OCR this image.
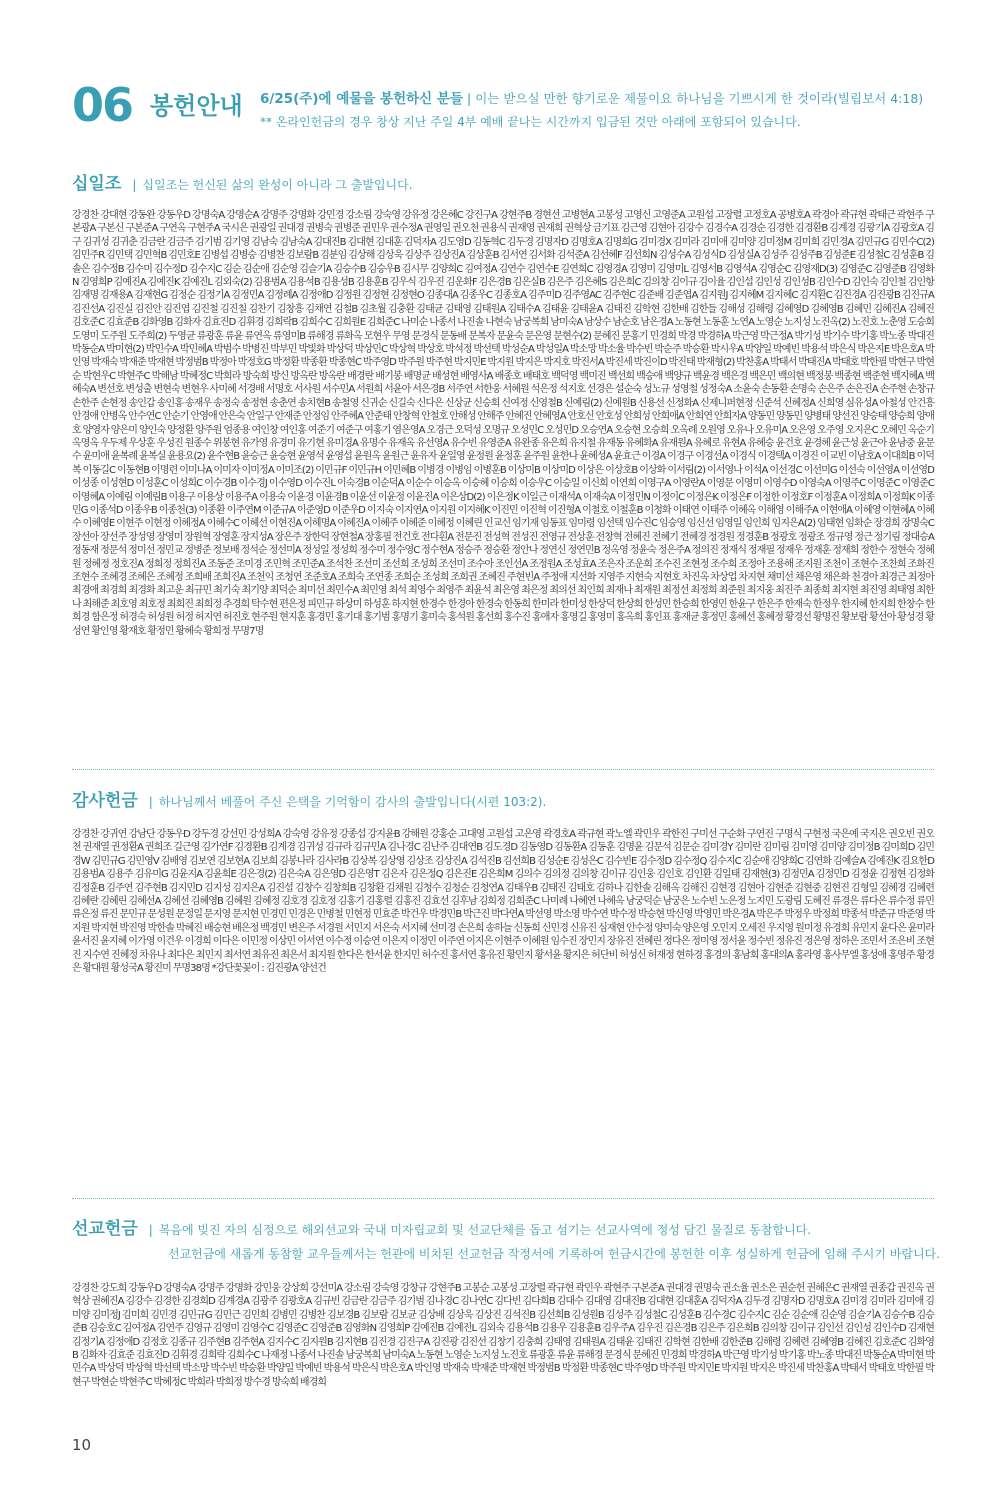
06 봉헌안내 6/25(주)에 예물을 봉헌하신 분들 | 이는 받으실 만한 향기로운 제물이요 하나님을 기쁘시게 한 것이라(빌립보서 4:18)
** 온라인헌금의 경우 창상 지난 주일 4부 예배 끝나는 시간까지 입금된 것만 아래에 포함되어 있습니다.
십일조 | 십일조는 헌신된 삶의 완성이 아니라 그 출발입니다.
강경찬 강대현 강동완 강동우D 강명숙A 강명순A 강명주 강명화 강민경 강소림 강숙영 강유정 강은혜C 강진구A 강현주B 경현선 고병현A 고봉성 고영신 고영준A 고원섭 고장렬 고정호A 공병호A 곽경아 곽규현 곽태근 곽현주 구본광A 구본신 구본준A 구연옥 구현주A 국시은 권광일 권대경 권병숙 권병준 권민우 권수정A 권영일 권오천 권용식 권재영 권재희 권혁상 금기표 김근영 김현아 김강수 김경수A 김경순 김경한 김경환B 김계경 김광기A 김광호A 김구 김귀성 김귀춘 김금란 김금주 김기범 김기영 김남숙 김남숙A 김대진B 김대현 김대훈 김덕자A 김도영D 김동혁C 김두경 김명자D 김명호A 김명희G 김미경X 김미라 김미애 김미양 김미정M 김미희 김민경A 김민규G 김민수C(2) 김민주R 김민택 김민혁B 김민호E 김병섭 김병승 김병찬 김보람B 김분임 김상해 김상욱 김상주 김상진A 김상훈B 김서연 김서화 김석준A 김선혜F 김선희N 김성수A 김성식D 김성실A 김성주 김성주B 김성준E 김성철C 김성훈B 김솔은 김수정B 김수미 김수정D 김수지C 김순 김순애 김순영 김슬기A 김승수B 김승우B 김시무 김양희C 김여정A 김연수 김연수E 김연희C 김영경A 김영미 김영미L 김영서B 김영석A 김영순C 김영재D(3) 김영준C 김영준B 김영화N 김영희P 김예진A 김예진K 김예진L 김외숙(2) 김용범A 김용석B 김용성B 김용훈B 김우식 김우진 김운화F 김은경B 김은실B 김은주 김은혜S 김은희C 김의창 김이규 김이율 김인섭 김인성 김인성B 김인수D 김인숙 김인철 김인항 김재명 김재용A 김재현G 김정순 김정기A 김정민A 김정례A 김정애D 김정원 김정현 김정현O 김종대A 김종우C 김종호A 김주미D 김주영AC 김주현C 김준배 김준엽A 김지원J 김지혜M 김지혜C 김지환C 김진경A 김진광B 김진규A 김진선A 김진실 김진안 김진엽 김진철 김진칠 김찬기 김창흥 김채연 김철B 김초월 김충환 김태균 김태영 김태원A 김태수A 김태윤 김태윤A 김태진 김학현 김한배 김한들 김해성 김해령 김혜영D 김혜영B 김혜민 김혜진A 김혜진 김호준C 김효준B 김화영B 김화자 김효진D 김휘경 김희락B 김희수C 김희원E 김희준C 나미순 나종서 나진솔 나현숙 남궁복희 남미숙A 남상수 남순호 남은경A 노동현 노동훈 노연A 노영순 노지성 노진옥(2) 노진호 노춘영 도승희 도영미 도주원 도주희(2) 두영균 류광훈 류윤 류연옥 류영미B 류해경 류화옥 모현우 무영 문경식 문동배 문복자 문윤숙 문은영 문현수(2) 문혜진 문홍기 민경희 박경 박경하A 박근영 박근정A 박기성 박기수 박기홍 박노종 박대진 박동순A 박미현(2) 박민수A 박민혜A 박범수 박병진 박부민 박빛화 박상덕 박상민C 박상혁 박상호 박석정 박선택 박성순A 박성일A 박소망 박소율 박수빈 박순주 박승환 박시우A 박양일 박예빈 박용석 박은식 박은지E 박은호A 박인영 박재숙 박재준 박재현 박정범B 박정아 박정호G 박정환 박종환 박종현C 박주영D 박주원 박주현 박지민E 박지원 박지은 박지호 박진서A 박진세 박진이D 박진태 박재형(2) 박찬홍A 박태서 박태진A 박태호 박한필 박현구 박현순 박현우C 박현주C 박해남 박혜정C 박희라 방숙희 방신 방옥란 방옥란 배경란 배기봉 배명균 배성현 배영사A 배종호 배태호 백덕영 백미진 백선희 백승애 백양규 백윤경 백은경 백은민 백의현 백정봉 백종현 백준현 백지혜A 백혜숙A 변선호 변성출 변현숙 변현우 사미혜 서경배 서명호 서사원 서수민A 서원희 서윤아 서은경B 서주연 서한웅 서혜원 석은정 석지호 선경은 설순숙 성노규 성영철 성정숙A 소윤숙 손동환 손명숙 손은주 손은진A 손주현 손창규 손한주 손현정 송인갑 송인홍 송재우 송정숙 송정현 송춘연 송치현B 송철영 신귀순 신길숙 신다은 신상균 신승희 신여정 신영철B 신예림(2) 신예원B 신용선 신정화A 신제니퍼현정 신준석 신혜정A 신희영 심유성A 아철성 안건흥 안경애 안병옥 안수연C 안순기 안영애 안은숙 안일구 안재준 안정임 안주혜A 안준태 안창혁 안철호 안해성 안해주 안혜진 안혜영A 안호신 안호성 안희성 안희애A 안희연 안희자A 양동민 양동민 양병태 양선진 양승태 양승희 양애호 양영자 양은미 양인숙 양정환 양주원 엄종용 여인창 여인홍 여준기 여준구 여홍기 염은영A 오경근 오덕성 오명규 오성민C 오성민D 오승연A 오승현 오승희 오옥례 오원영 오유나 오유미A 오은영 오주영 오지은C 오혜민 옥순기 옥영옥 우두제 우상훈 우성진 원종수 위봉현 유가영 유경미 유기현 유미경A 유명수 유재옥 유선영A 유수빈 유영준A 유완종 유은희 유지철 유재동 유혜화A 유재원A 유혜로 유현A 유혜승 윤건호 윤경혜 윤근성 윤근아 윤남중 윤문수 윤미애 윤복례 윤복실 윤용요(2) 윤수현B 윤승근 윤승현 윤영석 윤영섭 윤원옥 윤원근 윤유자 윤일영 윤정원 윤정훈 윤주원 윤한나 윤혜성A 윤효근 이경A 이경구 이경선A 이경식 이경택A 이경진 이교빈 이남호A 이대희B 이덕복 이동길C 이동현B 이명련 이미나A 이미자 이미정A 이미조(2) 이민규F 이민규H 이민혜B 이병경 이병임 이병훈B 이상미B 이상미D 이상은 이상호B 이상화 이서림(2) 이서영나 이석A 이선경C 이선미G 이선숙 이선영A 이선영D 이성종 이성현D 이성훈C 이성희C 이수경B 이수경J 이수영D 이수진L 이숙경B 이순덕A 이순수 이승옥 이승혜 이승희 이승우C 이승일 이신희 이연희 이영구A 이영란A 이영문 이영미 이영수D 이영숙A 이영주C 이영준C 이영준C 이영혜A 이예림 이예림B 이용구 이용상 이용주A 이용숙 이윤경 이윤경B 이윤선 이윤정 이윤진A 이은상D(2) 이은정K 이일근 이재석A 이재숙A 이정민N 이정이C 이정은K 이정은F 이정한 이정호F 이정훈A 이정희A 이정희K 이종민G 이종석D 이종우B 이종천(3) 이종환 이주연M 이준규A 이준영D 이준우D 이지숙 이지연A 이지원 이지혜K 이진민 이진혁 이진형A 이철호 이철훈B 이청화 이태연 이태주 이혜옥 이해영 이해주A 이현애A 이혜영 이현혜A 이혜수 이혜영E 이현주 이현정 이혜정A 이혜수C 이헤선 이현진A 이헤명A 이혜진A 이혜주 이혜준 이혜정 이혜린 인교신 임기재 임동표 임미령 임선택 임수진C 임승영 임신선 임영일 임인희 임지은A(2) 임태현 임화순 장경희 장명숙C 장선아 장선주 장성영 장영미 장원혁 장영훈 장지성A 장은주 장한덕 장현철A 장홍필 전건호 전다흰A 전문진 전성혁 전성진 전영규 전상훈 전창혁 전혜진 전혜기 전혜경 정경원 정경훈B 정광호 정광조 정규영 정근 정기림 정대승A 정동재 정문석 정미선 정민교 정병준 정보배 정석순 정선미A 정성일 정성희 정수미 정수영C 정수현A 정승주 정승환 정안나 정연신 정연민B 정옥영 정윤숙 정은주A 정의진 정재식 정재필 정재우 정재훈 정재희 정한수 정현숙 정혜원 정혜정 정호진A 정희정 정희진A 조동준 조미경 조민혁 조민준A 조석찬 조선미 조선희 조성희 조선미 조수아 조인선A 조정원A 조성효A 조은자 조운희 조수진 조현정 조수희 조정아 조용해 조지원 조천이 조현수 조찬희 조화진 조현수 조혜경 조혜은 조혜정 조희배 조희진A 조천익 조청연 조준호A 조희숙 조연종 조희순 조성희 조희권 조혜진 주현빈A 주정애 지선화 지영주 지현숙 지현호 차진옥 차상업 차지현 채미선 채은영 채은화 천경아 최경근 최정아 최경애 최경희 최경화 최고운 최규민 최기숙 최기양 최덕순 최미선 최민수A 최민영 최석 최영수 최영주 최윤석 최은영 최은정 최의선 최인희 최재나 최재원 최정선 최정희 최준원 최지웅 최진주 최종희 최지현 최진영 최태영 최한나 최해준 최호영 최호정 최희진 최희정 추경희 탁수현 편은정 피민규 하상미 하성훈 하지현 한경수 한경아 한경숙 한동희 한미라 한미성 한상덕 한상희 한성민 한승희 한영민 한윤구 한은주 한재숙 한정우 한지혜 한지희 한창수 한희경 함은정 허경숙 허성원 허정 허지연 허진호 현주원 현지훈 홍경민 홍기대 홍기범 홍명기 홍미숙 홍석원 홍선희 홍수진 홍애자 홍영길 홍영미 홍옥희 홍인표 홍재균 홍정민 홍혜선 홍혜정 황경선 황명진 황보람 황선아 황성경 황성연 황인영 황재호 황정민 황혜숙 황희정 무명7명
감사헌금 | 하나님께서 베풀어 주신 은택을 기억함이 감사의 출발입니다(시편 103:2).
강경찬 강귀연 강남단 강동우D 강두경 강선민 강성희A 강숙영 강유정 강종섭 강지윤B 강해원 강홍순 고대영 고원섭 고은영 곽경호A 곽규현 곽노엘 곽민우 곽한진 구미선 구순화 구연진 구명식 구현정 국은예 국지은 권오빈 권오천 권재열 권정환A 권희조 길근영 김가연F 김경환B 김계경 김귀성 김규라 김규민A 김나경C 김난주 김대연B 김도경D 김동영D 김동환A 김동훈 김명윤 김문석 김문순 김미경Y 김미란 김미림 김미영 김미양 김미정B 김미희D 김민경W 김민규G 김민영V 김배영 김보연 김보현A 김보희 김봉나라 김사라B 김상복 김상영 김상조 김상진A 김석진B 김선희B 김성순E 김성은C 김수빈E 김수정D 김수정Q 김수지C 김순애 김양희C 김연화 김예슬A 김예진K 김요한D 김용범A 김용주 김유미G 김윤지A 김윤희E 김은경(2) 김은숙A 김은영D 김은영T 김은자 김은정Q 김은진E 김은희M 김의수 김의정 김의창 김이규 김인웅 김인호 김인환 김일태 김재현(3) 김정민A 김정민D 김정윤 김정현 김정화 김정훈B 김주연 김주현B 김지민D 김지성 김지은A 김진섭 김창수 김창희B 김창환 김채원 김청수 김청순 김청연A 김태우B 김태진 김태호 김하나 김한솔 김해옥 김해진 김현경 김현아 김현준 김현중 김현진 김형일 김혜경 김혜련 김혜란 김혜린 김혜선A 김혜선 김혜영B 김혜원 김혜정 김호경 김호정 김홍기 김홍렬 김홍진 김효선 김후남 김희정 김희준C 나미례 나혜연 나혜옥 남궁덕순 남궁은 노수빈 노은정 노지민 도광림 도혜진 류경은 류다은 류수정 류민 류은정 류진 문민규 문성원 문정일 문지영 문지현 민경민 민경은 민병철 민현정 민효준 박건우 박경민B 박근진 박다연A 박선영 박소영 박수연 박수정 박승현 박신영 박영민 박은경A 박은주 박정우 박정희 박종석 박준규 박준영 박지원 박지현 박진영 박한솔 박혜진 배승현 배은정 백경민 변은주 서경원 서민지 서은숙 서지혜 선미경 손은희 송하늘 신동희 신민경 신유진 심재현 안수정 양미숙 양은영 오민지 오세진 우지영 원미정 유경희 유민지 윤다은 윤미라 윤서진 윤지혜 이가영 이건우 이경희 이다은 이민정 이상민 이서연 이수정 이승연 이은지 이정민 이주연 이지은 이현주 이혜원 임수진 장민지 장유진 전혜린 정다은 정미영 정서윤 정수빈 정유진 정은영 정하은 조민서 조은비 조현진 지수연 진혜정 차유나 최다은 최민지 최서연 최유진 최은서 최지원 한다은 한서윤 한지민 허수진 홍서연 홍유진 황민지 황서윤 황지은 허단비 허성신 허재정 현하경 홍경의 홍남희 홍대의A 홍라영 홍사무엘 홍성애 홍영주 황경은 황대원 황성국A 황진미 무명38명 *강단꽃꽂이 : 김진광A 양선건
선교헌금 | 복음에 빚진 자의 심정으로 해외선교와 국내 미자립교회 및 선교단체를 돕고 섬기는 선교사역에 정성 담긴 물질로 동참합니다.
선교헌금에 새롭게 동참할 교우들께서는 헌관에 비치된 선교헌금 작정서에 기록하여 헌금시간에 봉헌한 이후 성실하게 헌금에 임해 주시기 바랍니다.
강경찬 강도희 강동우D 강명숙A 강명주 강명화 강민웅 강상희 강선미A 강소림 강숙영 강창규 강현주B 고봉순 고봉성 고장렬 곽규현 곽민우 곽현주 구본준A 권대경 권명숙 권소율 권소은 권순헌 권혜은C 권재열 권종갑 권진옥 권혁상 권혜진A 김강수 김경한 김경희D 김계경A 김광주 김광호A 김규빈 김금란 김금주 김기범 김나경C 김나연C 김다빈 김다희B 김대수 김대영 김대진B 김대현 김대훈A 김덕자A 김두경 김명자D 김명호A 김미경 김미라 김미애 김미양 김미정J 김미희 김민경 김민규G 김민근 김민희 김병민 김병찬 김보경B 김보람 김보균 김상배 김상욱 김상진 김석진B 김선희B 김성원B 김성주 김성철C 김성훈B 김수경C 김수지C 김순 김순애 김순영 김슬기A 김승수B 김승준B 김승호C 김여정A 김연주 김영규 김영미 김영수C 김영준C 김영준B 김영화N 김영희P 김예진B 김예진L 김외숙 김용석B 김용우 김용훈B 김우주A 김우진 김은경B 김은주 김은희B 김의창 김이규 김인선 김인성 김인수D 김재현 김정기A 김정애D 김정호 김종규 김주현B 김주현A 김지수C 김지원B 김지현B 김진경 김진구A 김진광 김진선 김창기 김충희 김태영 김태원A 김태윤 김태진 김학현 김한배 김한준B 김해령 김혜련 김혜영B 김혜진 김호준C 김화영B 김화자 김효준 김효진D 김휘경 김희락 김희수C 나재정 나종서 나진솔 남궁복희 남미숙A 노동현 노영순 노지성 노진호 류광훈 류윤 류해경 문경식 문혜진 민경희 박경하A 박근영 박기성 박기홍 박노종 박대진 박동순A 박미현 박민수A 박상덕 박상혁 박선택 박소망 박수빈 박승환 박양일 박예빈 박용석 박은식 박은호A 박인영 박재숙 박재준 박재현 박정범B 박정환 박종현C 박주영D 박주원 박지민E 박지원 박지은 박진세 박찬홍A 박태서 박태호 박한필 박현구 박현순 박현주C 박혜정C 박희라 박희정 방수경 방숙희 배경희
10
